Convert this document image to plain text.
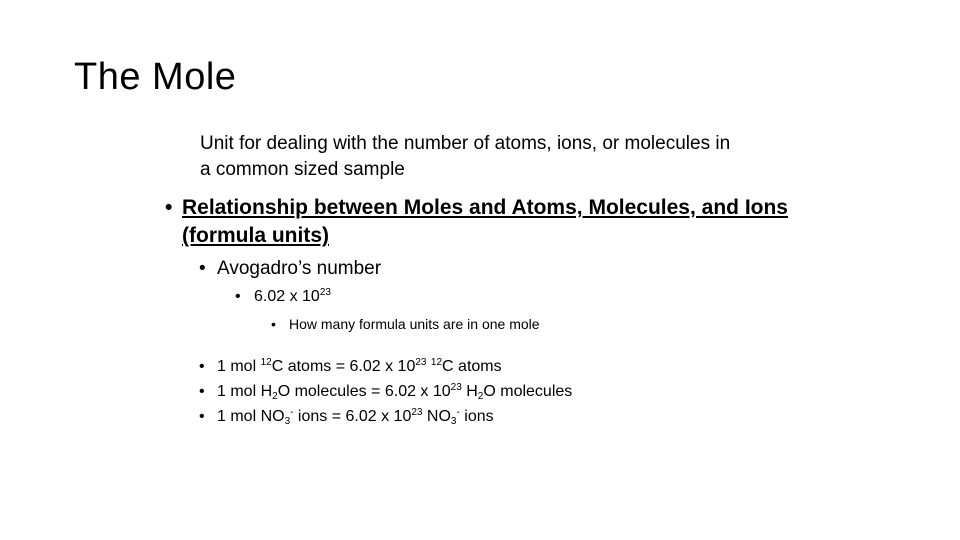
The Mole

Unit for dealing with the number of atoms, ions, or molecules in a common sized sample

• Relationship between Moles and Atoms, Molecules, and Ions (formula units)
• Avogadro’s number
• 6.02 x $10^{23}$
• How many formula units are in one mole
• 1 mol $^{12}$C atoms = 6.02 x $10^{23}$ $^{12}$C atoms
• 1 mol $H_2O$ molecules = 6.02 x $10^{23}$ $H_2O$ molecules
• 1 mol $NO_3^-$ ions = 6.02 x $10^{23}$ $NO_3^-$ ions
